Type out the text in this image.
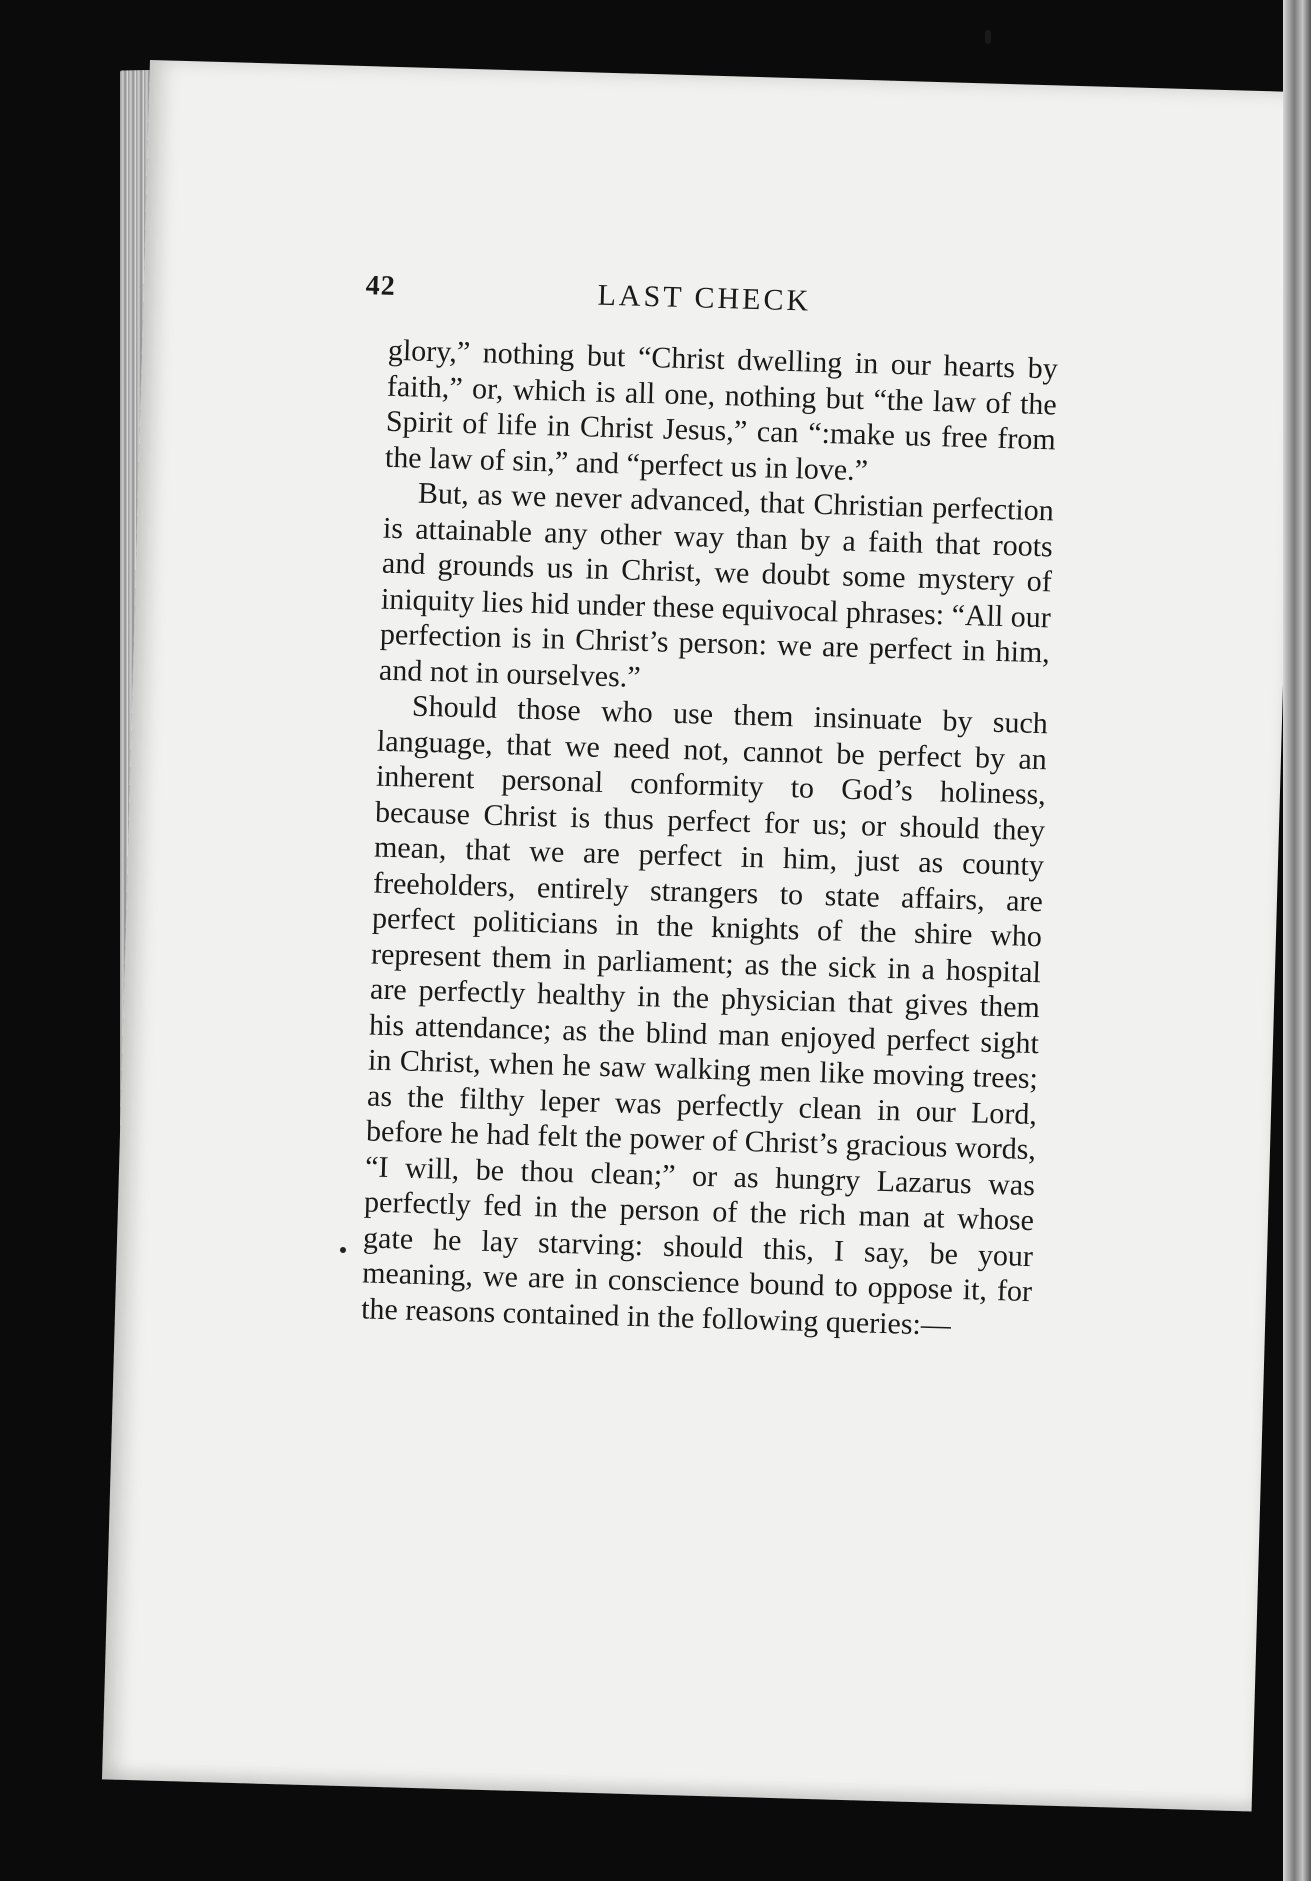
42	LAST CHECK

glory,” nothing but “Christ dwelling in our hearts by faith,” or, which is all one, nothing but “the law of the Spirit of life in Christ Jesus,” can “:make us free from the law of sin,” and “perfect us in love.”

But, as we never advanced, that Christian perfection is attainable any other way than by a faith that roots and grounds us in Christ, we doubt some mystery of iniquity lies hid under these equivocal phrases: “All our perfection is in Christ’s person: we are perfect in him, and not in ourselves.”

Should those who use them insinuate by such language, that we need not, cannot be perfect by an inherent personal conformity to God’s holiness, because Christ is thus perfect for us; or should they mean, that we are perfect in him, just as county freeholders, entirely strangers to state affairs, are perfect politicians in the knights of the shire who represent them in parliament; as the sick in a hospital are perfectly healthy in the physician that gives them his attendance; as the blind man enjoyed perfect sight in Christ, when he saw walking men like moving trees; as the filthy leper was perfectly clean in our Lord, before he had felt the power of Christ’s gracious words, “I will, be thou clean;” or as hungry Lazarus was perfectly fed in the person of the rich man at whose gate he lay starving: should this, I say, be your meaning, we are in conscience bound to oppose it, for the reasons contained in the following queries:—
